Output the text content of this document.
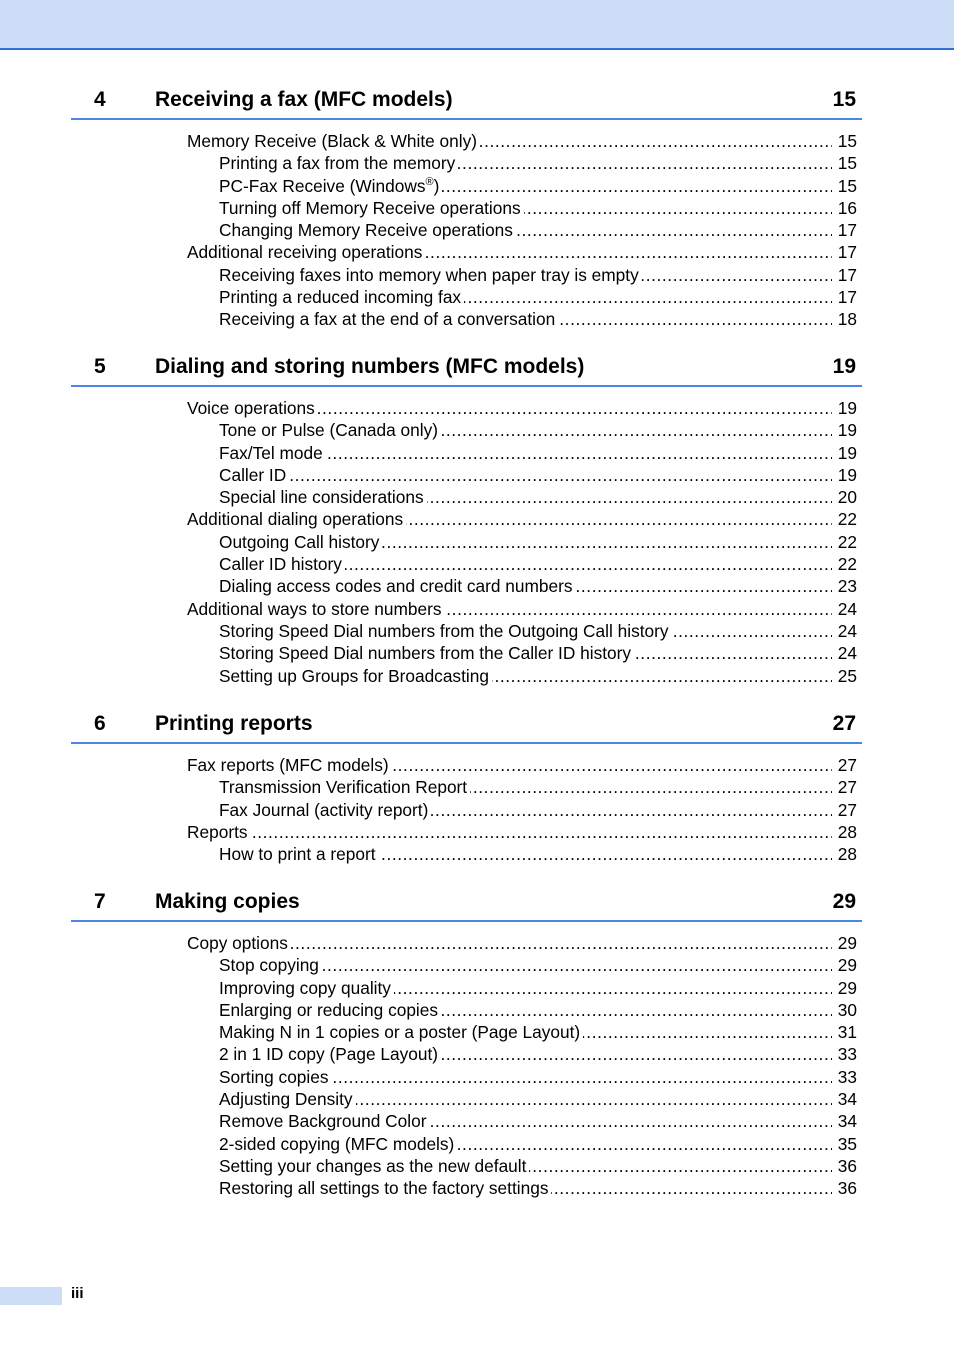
4 Receiving a fax (MFC models)	15
.....
Memory Receive (Black & White only)	15
.....
Printing a fax from the memory	15
.....
PC-Fax Receive (Windows®)	15
.....
Turning off Memory Receive operations	16
.....
Changing Memory Receive operations	17
.....
Additional receiving operations	17
.....
Receiving faxes into memory when paper tray is empty	17
.....
Printing a reduced incoming fax	17
.....
Receiving a fax at the end of a conversation	18
5 Dialing and storing numbers (MFC models)	19
.....
Voice operations	19
.....
Tone or Pulse (Canada only)	19
.....
Fax/Tel mode	19
.....
Caller ID	19
.....
Special line considerations	20
.....
Additional dialing operations	22
.....
Outgoing Call history	22
.....
Caller ID history	22
.....
Dialing access codes and credit card numbers	23
.....
Additional ways to store numbers	24
.....
Storing Speed Dial numbers from the Outgoing Call history	24
.....
Storing Speed Dial numbers from the Caller ID history	24
.....
Setting up Groups for Broadcasting	25
6 Printing reports	27
.....
Fax reports (MFC models)	27
.....
Transmission Verification Report	27
.....
Fax Journal (activity report)	27
.....
Reports	28
.....
How to print a report	28
7 Making copies	29
.....
Copy options	29
.....
Stop copying	29
.....
Improving copy quality	29
.....
Enlarging or reducing copies	30
.....
Making N in 1 copies or a poster (Page Layout)	31
.....
2 in 1 ID copy (Page Layout)	33
.....
Sorting copies	33
.....
Adjusting Density	34
.....
Remove Background Color	34
.....
2-sided copying (MFC models)	35
.....
Setting your changes as the new default	36
.....
Restoring all settings to the factory settings	36
iii
